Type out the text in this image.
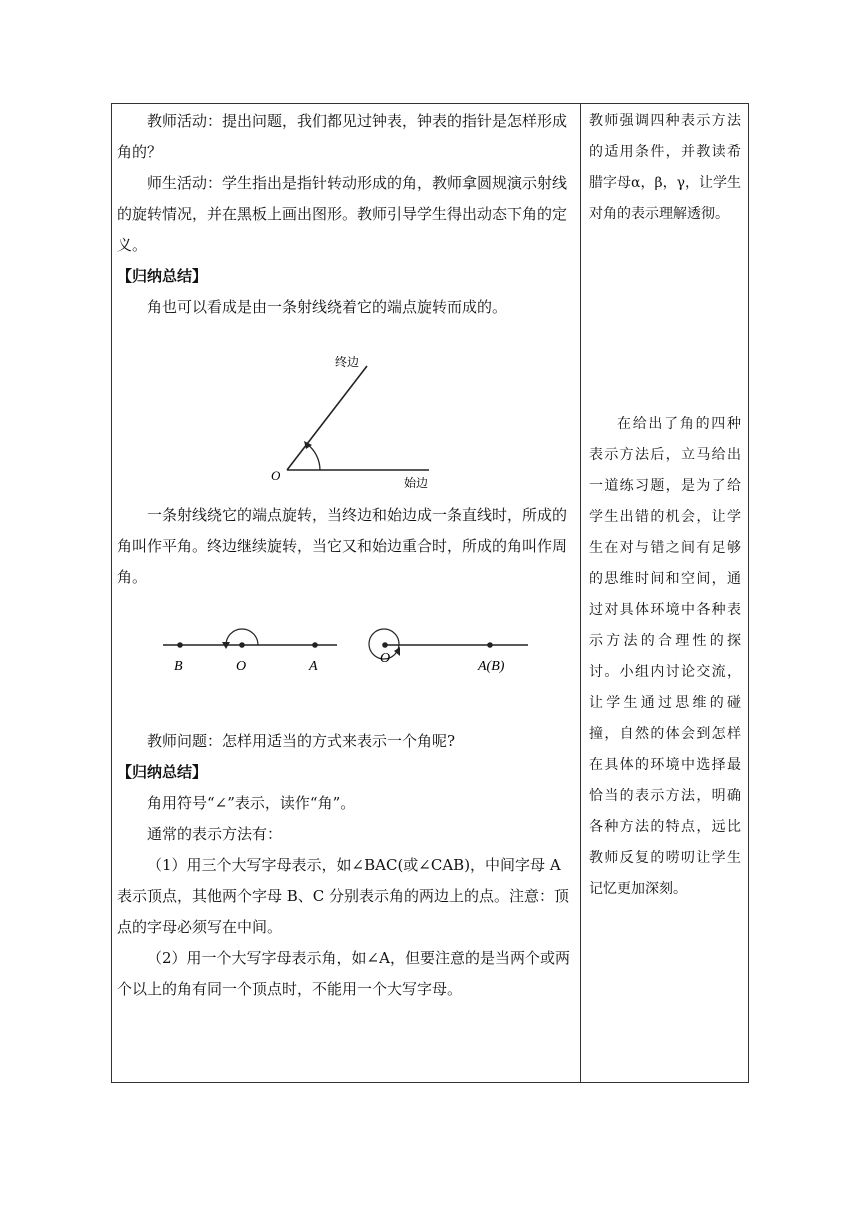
教师活动：提出问题，我们都见过钟表，钟表的指针是怎样形成角的？

师生活动：学生指出是指针转动形成的角，教师拿圆规演示射线的旋转情况，并在黑板上画出图形。教师引导学生得出动态下角的定义。

【归纳总结】

角也可以看成是由一条射线绕着它的端点旋转而成的。

终边
始边
O

一条射线绕它的端点旋转，当终边和始边成一条直线时，所成的角叫作平角。终边继续旋转，当它又和始边重合时，所成的角叫作周角。

B	O	A
O
A(B)

教师问题：怎样用适当的方式来表示一个角呢?

【归纳总结】

角用符号“∠”表示，读作“角”。

通常的表示方法有：

（1）用三个大写字母表示，如∠BAC(或∠CAB)，中间字母 A 表示顶点，其他两个字母 B、C 分别表示角的两边上的点。注意：顶点的字母必须写在中间。

（2）用一个大写字母表示角，如∠A，但要注意的是当两个或两个以上的角有同一个顶点时，不能用一个大写字母。

教师强调四种表示方法的适用条件，并教读希腊字母α，β，γ，让学生对角的表示理解透彻。

在给出了角的四种表示方法后，立马给出一道练习题，是为了给学生出错的机会，让学生在对与错之间有足够的思维时间和空间，通过对具体环境中各种表示方法的合理性的探讨。小组内讨论交流，让学生通过思维的碰撞，自然的体会到怎样在具体的环境中选择最恰当的表示方法，明确各种方法的特点，远比教师反复的唠叨让学生记忆更加深刻。
